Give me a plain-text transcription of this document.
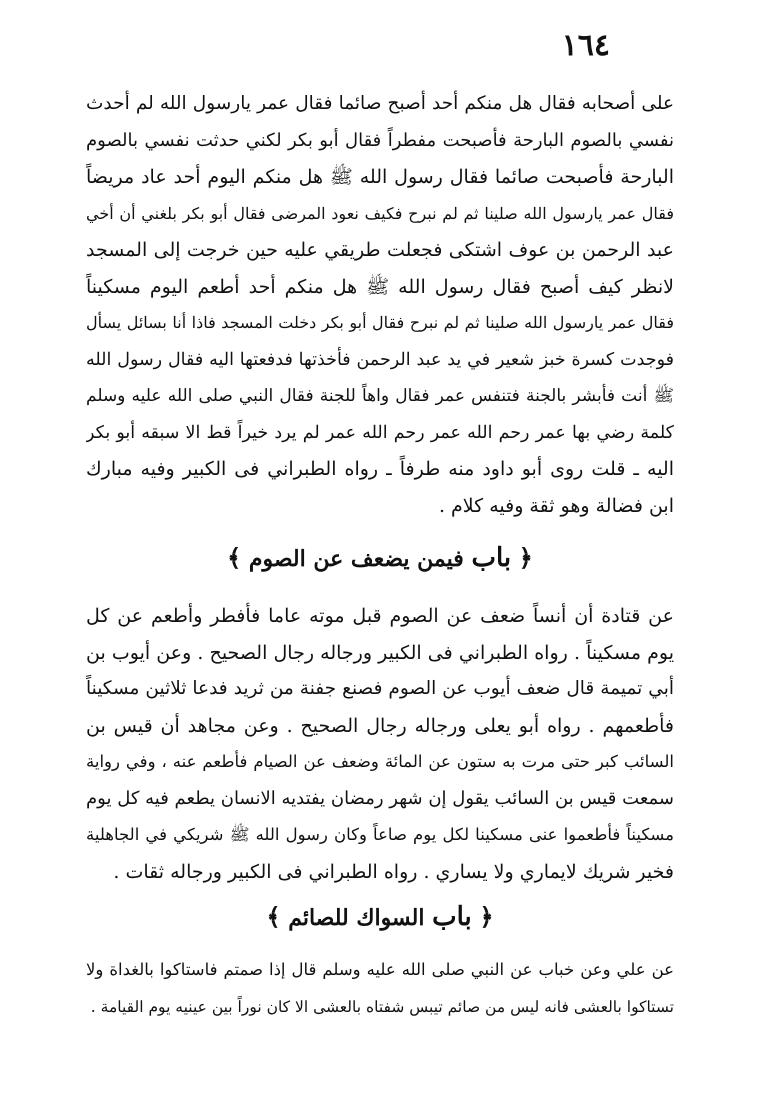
١٦٤
على أصحابه فقال هل منكم أحد أصبح صائما فقال عمر يارسول الله لم أحدث
نفسي بالصوم البارحة فأصبحت مفطراً فقال أبو بكر لكني حدثت نفسي بالصوم
البارحة فأصبحت صائما فقال رسول الله ﷺ هل منكم اليوم أحد عاد مريضاً
فقال عمر يارسول الله صلينا ثم لم نبرح فكيف نعود المرضى فقال أبو بكر بلغني أن أخي
عبد الرحمن بن عوف اشتكى فجعلت طريقي عليه حين خرجت إلى المسجد
لانظر كيف أصبح فقال رسول الله ﷺ هل منكم أحد أطعم اليوم مسكيناً
فقال عمر يارسول الله صلينا ثم لم نبرح فقال أبو بكر دخلت المسجد فاذا أنا بسائل يسأل
فوجدت كسرة خبز شعير في يد عبد الرحمن فأخذتها فدفعتها اليه فقال رسول الله
ﷺ أنت فأبشر بالجنة فتنفس عمر فقال واهاً للجنة فقال النبي صلى الله عليه وسلم
كلمة رضي بها عمر رحم الله عمر رحم الله عمر لم يرد خيراً قط الا سبقه أبو بكر
اليه ـ قلت روى أبو داود منه طرفاً ـ رواه الطبراني فى الكبير وفيه مبارك
ابن فضالة وهو ثقة وفيه كلام .
﴿ باب فيمن يضعف عن الصوم ﴾
عن قتادة أن أنساً ضعف عن الصوم قبل موته عاما فأفطر وأطعم عن كل
يوم مسكيناً . رواه الطبراني فى الكبير ورجاله رجال الصحيح . وعن أيوب بن
أبي تميمة قال ضعف أيوب عن الصوم فصنع جفنة من ثريد فدعا ثلاثين مسكيناً
فأطعمهم . رواه أبو يعلى ورجاله رجال الصحيح . وعن مجاهد أن قيس بن
السائب كبر حتى مرت به ستون عن المائة وضعف عن الصيام فأطعم عنه ، وفي رواية
سمعت قيس بن السائب يقول إن شهر رمضان يفتديه الانسان يطعم فيه كل يوم
مسكيناً فأطعموا عنى مسكينا لكل يوم صاعاً وكان رسول الله ﷺ شريكي في الجاهلية
فخير شريك لايماري ولا يساري . رواه الطبراني فى الكبير ورجاله ثقات .
﴿ باب السواك للصائم ﴾
عن علي وعن خباب عن النبي صلى الله عليه وسلم قال إذا صمتم فاستاكوا بالغداة ولا
تستاكوا بالعشى فانه ليس من صائم تيبس شفتاه بالعشى الا كان نوراً بين عينيه يوم القيامة .
